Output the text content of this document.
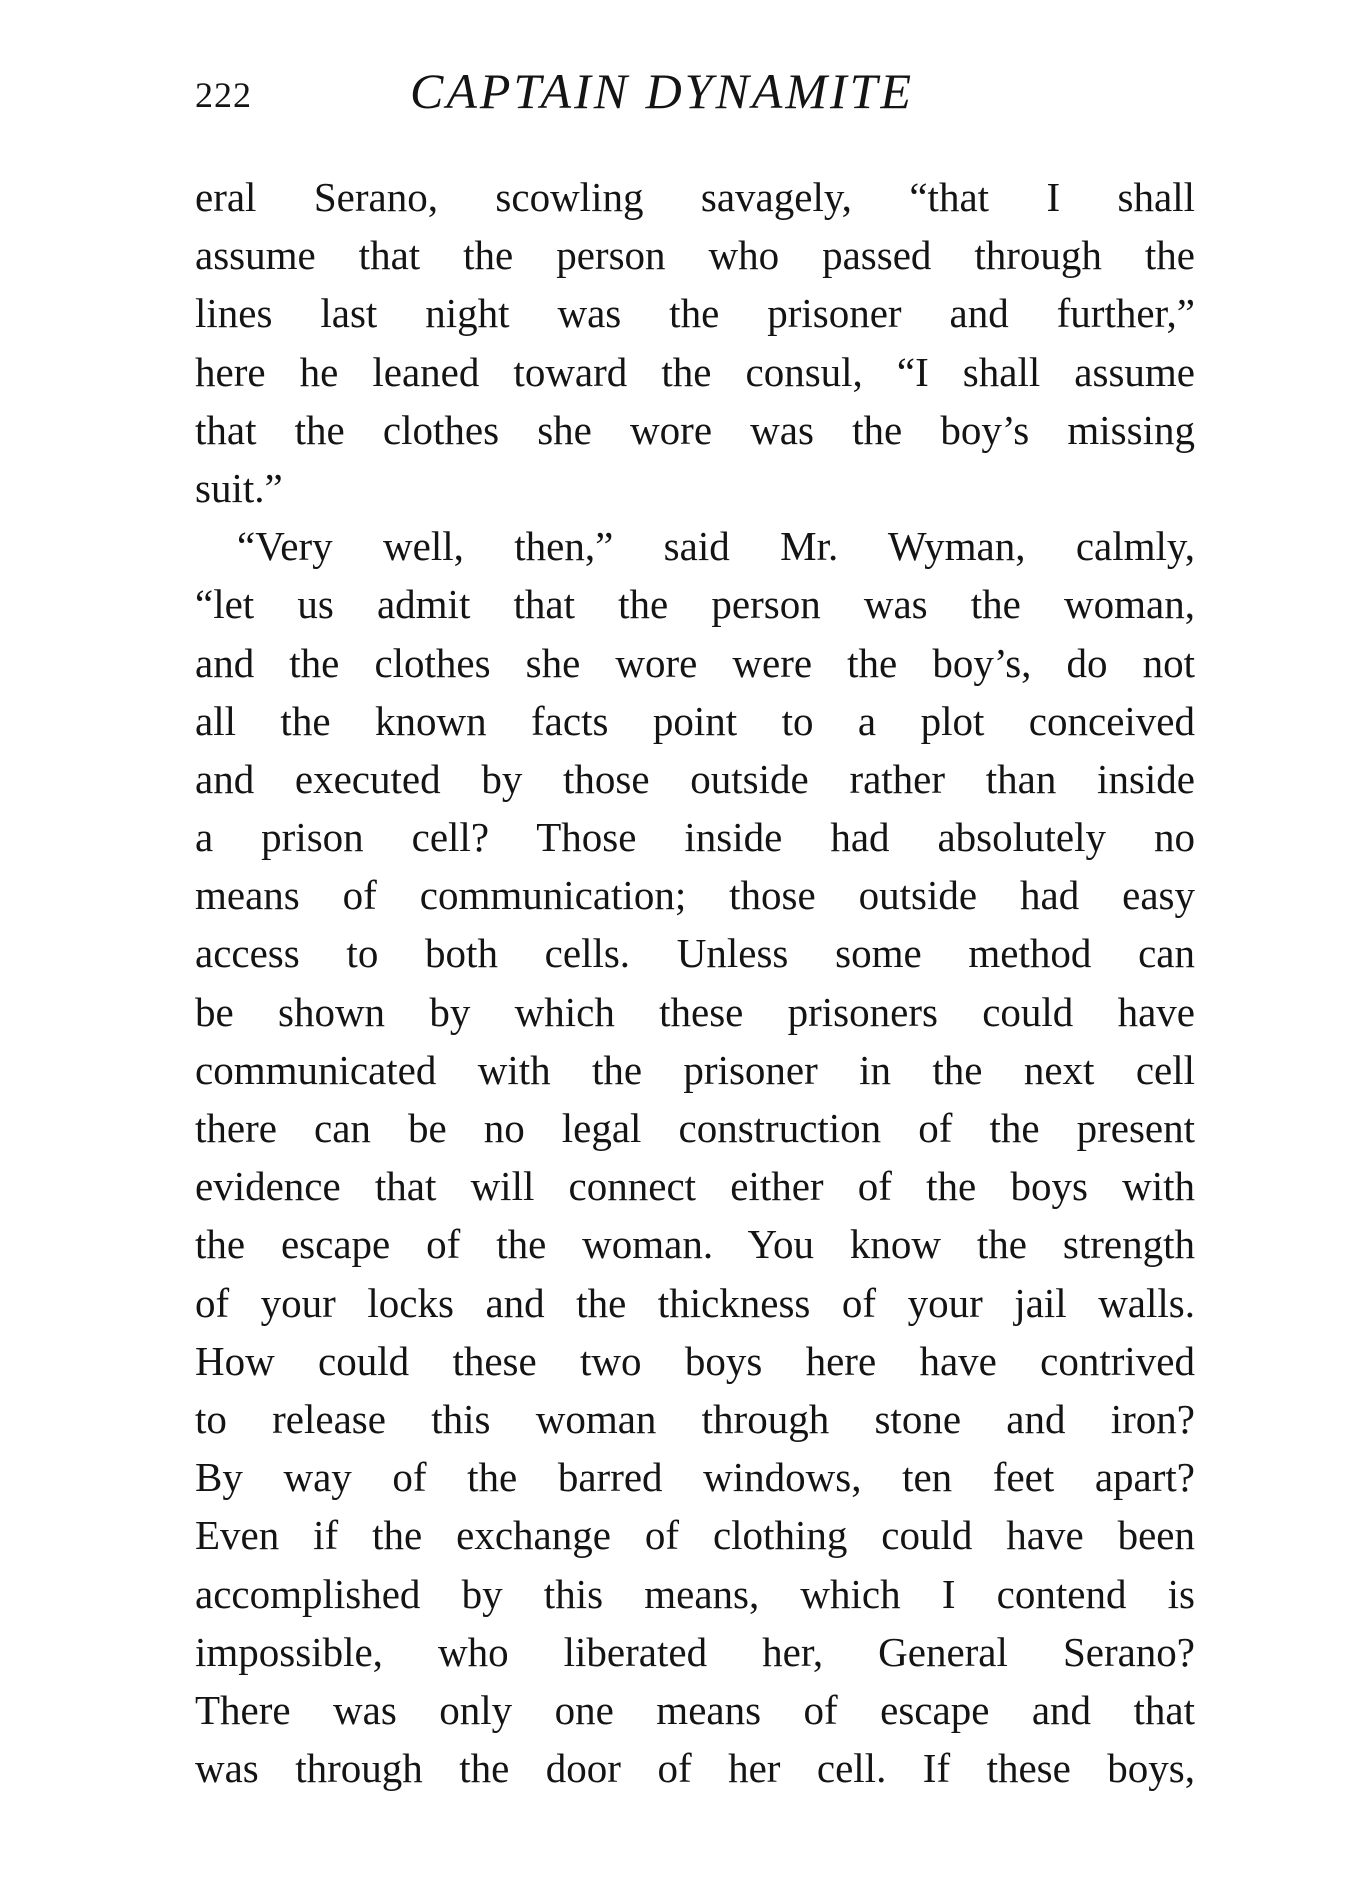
222	CAPTAIN DYNAMITE
eral Serano, scowling savagely, “that I shall
assume that the person who passed through the
lines last night was the prisoner and further,”
here he leaned toward the consul, “I shall assume
that the clothes she wore was the boy’s missing
suit.”
“Very well, then,” said Mr. Wyman, calmly,
“let us admit that the person was the woman,
and the clothes she wore were the boy’s, do not
all the known facts point to a plot conceived
and executed by those outside rather than inside
a prison cell? Those inside had absolutely no
means of communication; those outside had easy
access to both cells. Unless some method can
be shown by which these prisoners could have
communicated with the prisoner in the next cell
there can be no legal construction of the present
evidence that will connect either of the boys with
the escape of the woman. You know the strength
of your locks and the thickness of your jail walls.
How could these two boys here have contrived
to release this woman through stone and iron?
By way of the barred windows, ten feet apart?
Even if the exchange of clothing could have been
accomplished by this means, which I contend is
impossible, who liberated her, General Serano?
There was only one means of escape and that
was through the door of her cell. If these boys,
